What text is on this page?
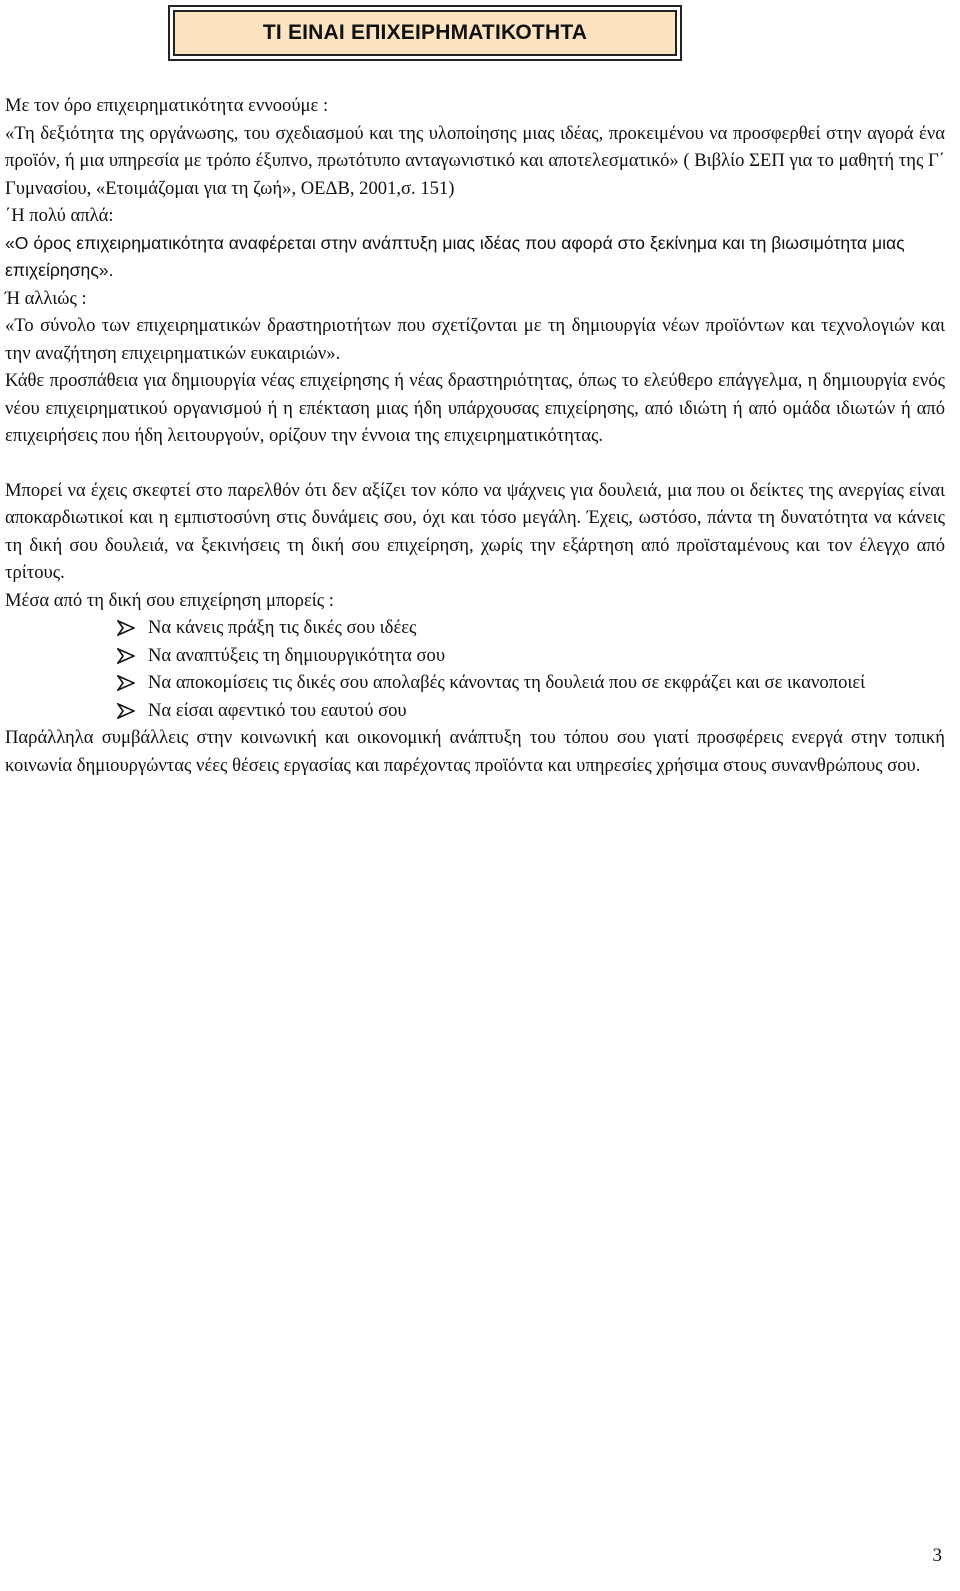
ΤΙ ΕΙΝΑΙ ΕΠΙΧΕΙΡΗΜΑΤΙΚΟΤΗΤΑ

Με τον όρο επιχειρηματικότητα εννοούμε :

«Τη δεξιότητα της οργάνωσης, του σχεδιασμού και της υλοποίησης μιας ιδέας, προκειμένου να προσφερθεί στην αγορά ένα προϊόν, ή μια υπηρεσία με τρόπο έξυπνο, πρωτότυπο ανταγωνιστικό και αποτελεσματικό» ( Βιβλίο ΣΕΠ για το μαθητή της Γ΄ Γυμνασίου, «Ετοιμάζομαι για τη ζωή», ΟΕΔΒ, 2001,σ. 151)

΄Η πολύ απλά:

«Ο όρος επιχειρηματικότητα αναφέρεται στην ανάπτυξη μιας ιδέας που αφορά στο ξεκίνημα και τη βιωσιμότητα μιας επιχείρησης».

Ή αλλιώς :

«Το σύνολο των επιχειρηματικών δραστηριοτήτων που σχετίζονται με τη δημιουργία νέων προϊόντων και τεχνολογιών και την αναζήτηση επιχειρηματικών ευκαιριών».

Κάθε προσπάθεια για δημιουργία νέας επιχείρησης ή νέας δραστηριότητας, όπως το ελεύθερο επάγγελμα, η δημιουργία ενός νέου επιχειρηματικού οργανισμού ή η επέκταση μιας ήδη υπάρχουσας επιχείρησης, από ιδιώτη ή από ομάδα ιδιωτών ή από επιχειρήσεις που ήδη λειτουργούν, ορίζουν την έννοια της επιχειρηματικότητας.

Μπορεί να έχεις σκεφτεί στο παρελθόν ότι δεν αξίζει τον κόπο να ψάχνεις για δουλειά, μια που οι δείκτες της ανεργίας είναι αποκαρδιωτικοί και η εμπιστοσύνη στις δυνάμεις σου, όχι και τόσο μεγάλη. Έχεις, ωστόσο, πάντα τη δυνατότητα να κάνεις τη δική σου δουλειά, να ξεκινήσεις τη δική σου επιχείρηση, χωρίς την εξάρτηση από προϊσταμένους και τον έλεγχο από τρίτους.

Μέσα από τη δική σου επιχείρηση μπορείς :

Να κάνεις πράξη τις δικές σου ιδέες
Να αναπτύξεις τη δημιουργικότητα σου
Να αποκομίσεις τις δικές σου απολαβές κάνοντας τη δουλειά που σε εκφράζει και σε ικανοποιεί
Να είσαι αφεντικό του εαυτού σου

Παράλληλα συμβάλλεις στην κοινωνική και οικονομική ανάπτυξη του τόπου σου γιατί προσφέρεις ενεργά στην τοπική κοινωνία δημιουργώντας νέες θέσεις εργασίας και παρέχοντας προϊόντα και υπηρεσίες χρήσιμα στους συνανθρώπους σου.

3
